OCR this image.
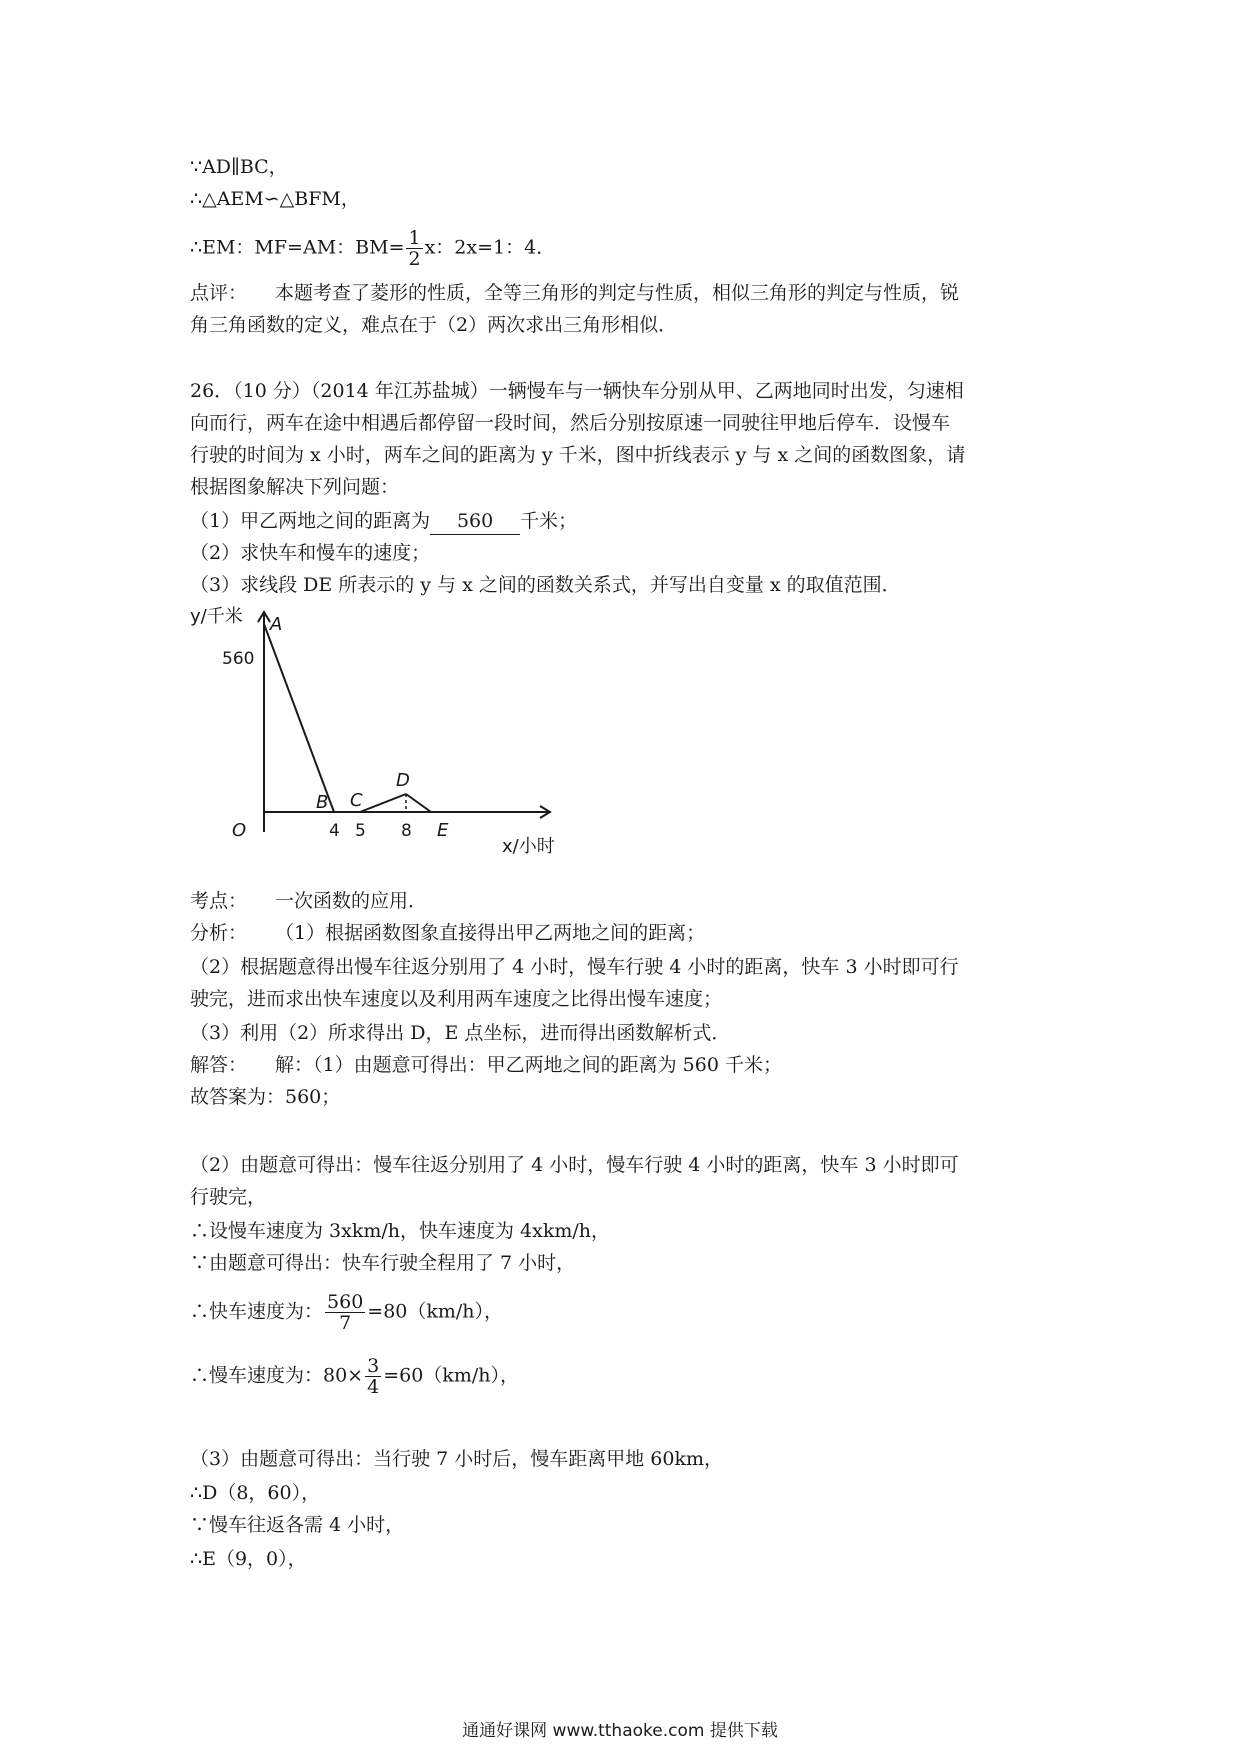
∵AD∥BC，
∴△AEM∽△BFM，
∴EM：MF=AM：$BM= \frac{1}{2}$ x：2x=1：4．
点评： 本题考查了菱形的性质，全等三角形的判定与性质，相似三角形的判定与性质，锐
角三角函数的定义，难点在于（2）两次求出三角形相似．
26．（10 分）（2014 年江苏盐城）一辆慢车与一辆快车分别从甲、乙两地同时出发，匀速相
向而行，两车在途中相遇后都停留一段时间，然后分别按原速一同驶往甲地后停车．设慢车
行驶的时间为 x 小时，两车之间的距离为 y 千米，图中折线表示 y 与 x 之间的函数图象，请
根据图象解决下列问题：
（1）甲乙两地之间的距离为 560 千米；
（2）求快车和慢车的速度；
（3）求线段 DE 所表示的 y 与 x 之间的函数关系式，并写出自变量 x 的取值范围．
y/千米
x/小时
O
560
A
B C
D
E
4 5 8
考点： 一次函数的应用．
分析： （1）根据函数图象直接得出甲乙两地之间的距离；
（2）根据题意得出慢车往返分别用了 4 小时，慢车行驶 4 小时的距离，快车 3 小时即可行
驶完，进而求出快车速度以及利用两车速度之比得出慢车速度；
（3）利用（2）所求得出 D，E 点坐标，进而得出函数解析式．
解答： 解：（1）由题意可得出：甲乙两地之间的距离为 560 千米；
故答案为：560；
（2）由题意可得出：慢车往返分别用了 4 小时，慢车行驶 4 小时的距离，快车 3 小时即可
行驶完，
∴设慢车速度为 3xkm/h，快车速度为 4xkm/h，
∵由题意可得出：快车行驶全程用了 7 小时，
∴快车速度为： $\frac{560}{7} =80(km/h)$，
∴慢车速度为：$80\times \frac{3}{4} =60(km/h)$，
（3）由题意可得出：当行驶 7 小时后，慢车距离甲地 60km，
∴D（8，60），
∵慢车往返各需 4 小时，
∴E（9，0），
通通好课网 www.tthaoke.com 提供下载
